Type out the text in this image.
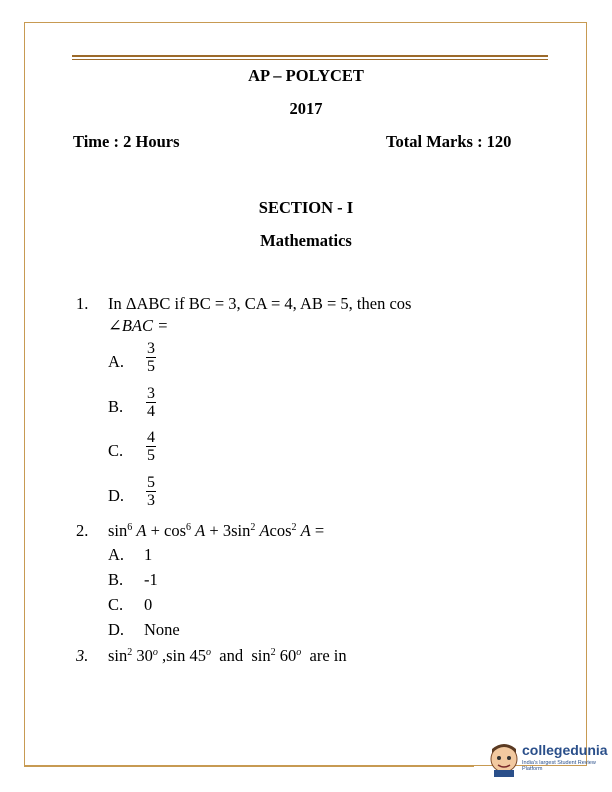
AP – POLYCET
2017
Time : 2 Hours	Total Marks : 120
SECTION - I
Mathematics
1. In ΔABC if BC = 3, CA = 4, AB = 5, then cos
∠BAC =
A. $\frac{3}{5}$
B. $\frac{3}{4}$
C. $\frac{4}{5}$
D. $\frac{5}{3}$
2. $\sin^6 A + \cos^6 A + 3\sin^2$ Acos$^2$ A =
A. 1
B. -1
C. 0
D. None
3. $\sin^2 30^o$ ,sin 45$^o$ and  $\sin^2 60^o$ are in
collegedunia
India's largest Student Review Platform
